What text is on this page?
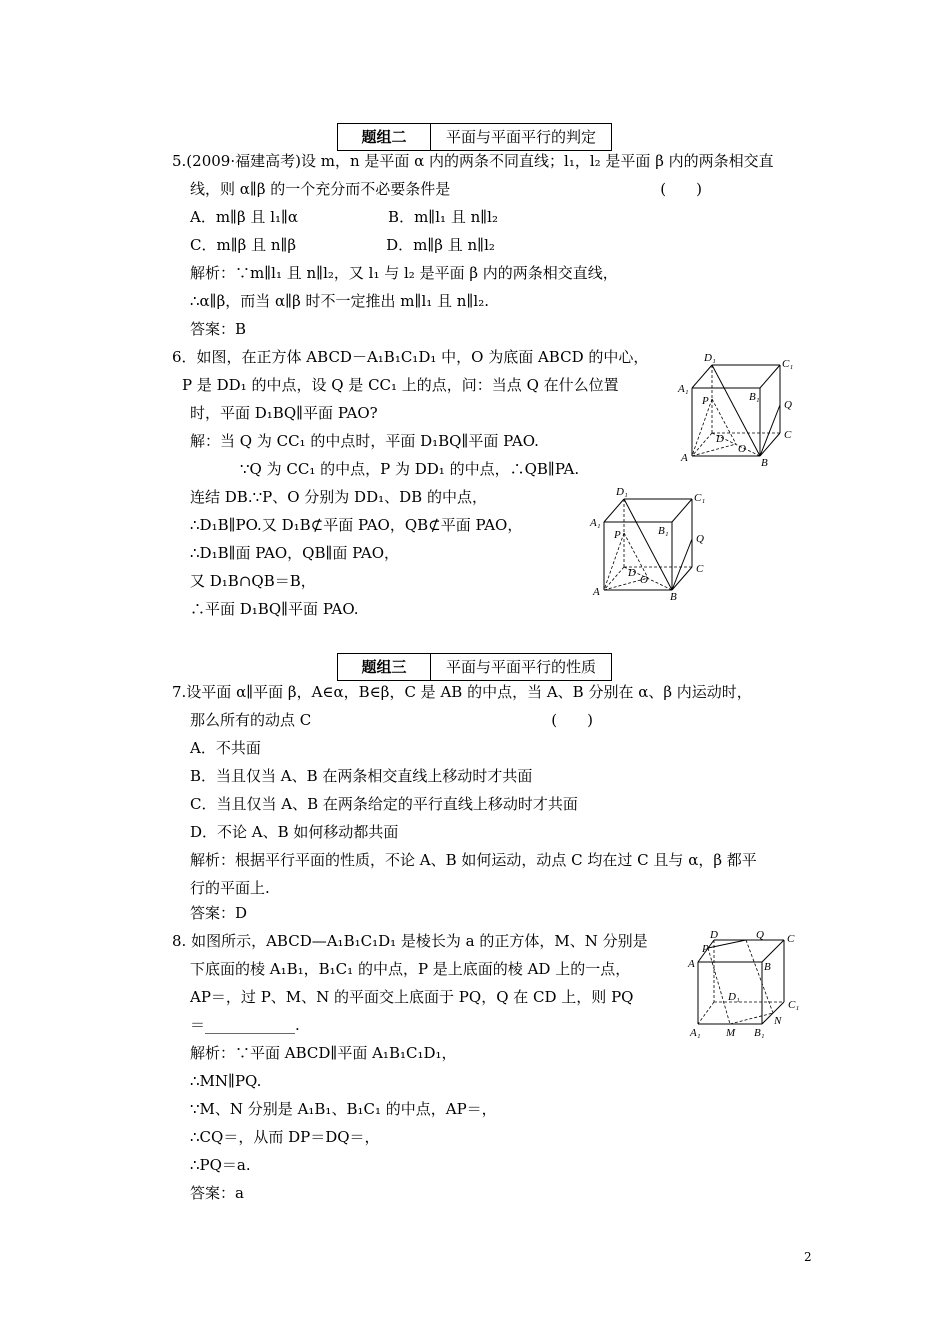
题组二	平面与平面平行的判定
5.(2009·福建高考)设 m，n 是平面 α 内的两条不同直线；l₁，l₂ 是平面 β 内的两条相交直
线，则 α∥β 的一个充分而不必要条件是　　　　　　　　　　　　　　(　　)
A．m∥β 且 l₁∥α　　　　　　B．m∥l₁ 且 n∥l₂
C．m∥β 且 n∥β　　　　　　D．m∥β 且 n∥l₂
解析：∵m∥l₁ 且 n∥l₂，又 l₁ 与 l₂ 是平面 β 内的两条相交直线，
∴α∥β，而当 α∥β 时不一定推出 m∥l₁ 且 n∥l₂.
答案：B
6．如图，在正方体 ABCD－A₁B₁C₁D₁ 中，O 为底面 ABCD 的中心，
P 是 DD₁ 的中点，设 Q 是 CC₁ 上的点，问：当点 Q 在什么位置
时，平面 D₁BQ∥平面 PAO?
解：当 Q 为 CC₁ 的中点时，平面 D₁BQ∥平面 PAO.
∵Q 为 CC₁ 的中点，P 为 DD₁ 的中点，∴QB∥PA.
连结 DB.∵P、O 分别为 DD₁、DB 的中点，
∴D₁B∥PO.又 D₁B⊄平面 PAO，QB⊄平面 PAO，
∴D₁B∥面 PAO，QB∥面 PAO，
又 D₁B∩QB＝B，
∴平面 D₁BQ∥平面 PAO.
D₁	C₁
A₁
B₁
P	Q
C
D
O
A	B
D₁	C₁
A₁
B₁
P	Q
C
D
O
A	B
题组三	平面与平面平行的性质
7.设平面 α∥平面 β，A∈α，B∈β，C 是 AB 的中点，当 A、B 分别在 α、β 内运动时，
那么所有的动点 C　　　　　　　　　　　　　　　　(　　)
A．不共面
B．当且仅当 A、B 在两条相交直线上移动时才共面
C．当且仅当 A、B 在两条给定的平行直线上移动时才共面
D．不论 A、B 如何移动都共面
解析：根据平行平面的性质，不论 A、B 如何运动，动点 C 均在过 C 且与 α，β 都平
行的平面上.
答案：D
8. 如图所示，ABCD—A₁B₁C₁D₁ 是棱长为 a 的正方体，M、N 分别是
下底面的棱 A₁B₁，B₁C₁ 的中点，P 是上底面的棱 AD 上的一点，
AP＝，过 P、M、N 的平面交上底面于 PQ，Q 在 CD 上，则 PQ
＝____________.
解析：∵平面 ABCD∥平面 A₁B₁C₁D₁，
∴MN∥PQ.
∵M、N 分别是 A₁B₁、B₁C₁ 的中点，AP＝，
∴CQ＝，从而 DP＝DQ＝，
∴PQ＝a.
答案：a
P
D	Q C
A	B
D₁
C₁
N
A₁ M B₁
2
